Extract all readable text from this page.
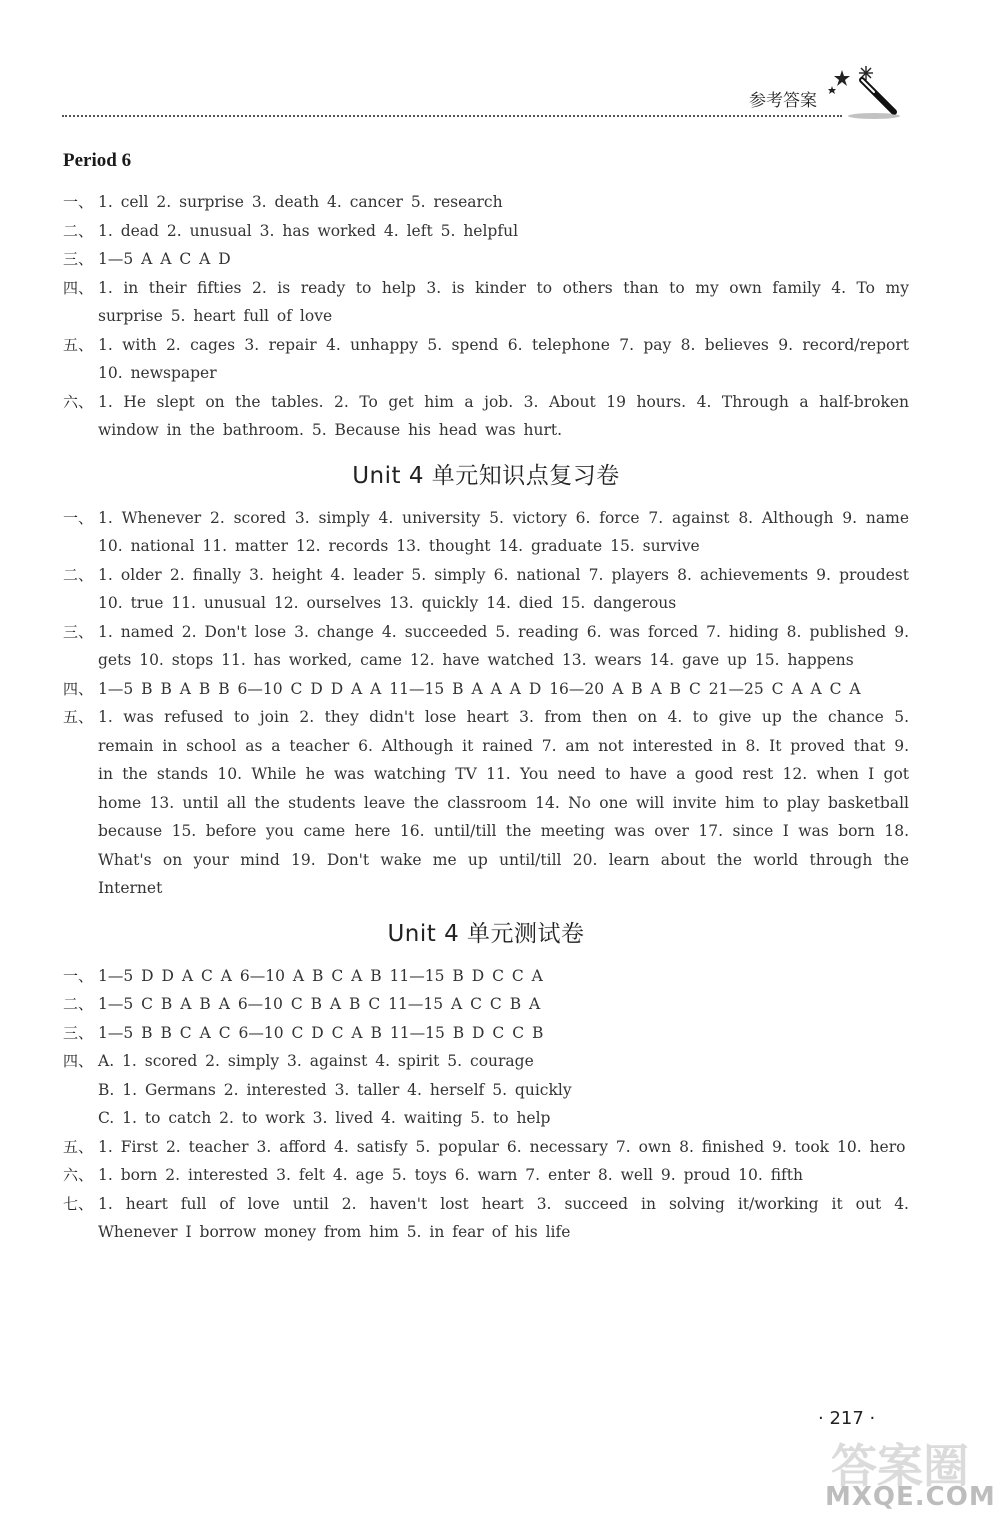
参考答案
Period 6
一、 1. cell 2. surprise 3. death 4. cancer 5. research
二、 1. dead 2. unusual 3. has worked 4. left 5. helpful
三、 1—5 A A C A D
四、 1. in their fifties 2. is ready to help 3. is kinder to others than to my own family 4. To my surprise 5. heart full of love
五、 1. with 2. cages 3. repair 4. unhappy 5. spend 6. telephone 7. pay 8. believes 9. record/report 10. newspaper
六、 1. He slept on the tables. 2. To get him a job. 3. About 19 hours. 4. Through a half-broken window in the bathroom. 5. Because his head was hurt.
Unit 4 单元知识点复习卷
一、 1. Whenever 2. scored 3. simply 4. university 5. victory 6. force 7. against 8. Although 9. name 10. national 11. matter 12. records 13. thought 14. graduate 15. survive
二、 1. older 2. finally 3. height 4. leader 5. simply 6. national 7. players 8. achievements 9. proudest 10. true 11. unusual 12. ourselves 13. quickly 14. died 15. dangerous
三、 1. named 2. Don't lose 3. change 4. succeeded 5. reading 6. was forced 7. hiding 8. published 9. gets 10. stops 11. has worked, came 12. have watched 13. wears 14. gave up 15. happens
四、 1—5 B B A B B 6—10 C D D A A 11—15 B A A A D 16—20 A B A B C 21—25 C A A C A
五、 1. was refused to join 2. they didn't lose heart 3. from then on 4. to give up the chance 5. remain in school as a teacher 6. Although it rained 7. am not interested in 8. It proved that 9. in the stands 10. While he was watching TV 11. You need to have a good rest 12. when I got home 13. until all the students leave the classroom 14. No one will invite him to play basketball because 15. before you came here 16. until/till the meeting was over 17. since I was born 18. What's on your mind 19. Don't wake me up until/till 20. learn about the world through the Internet
Unit 4 单元测试卷
一、 1—5 D D A C A 6—10 A B C A B 11—15 B D C C A
二、 1—5 C B A B A 6—10 C B A B C 11—15 A C C B A
三、 1—5 B B C A C 6—10 C D C A B 11—15 B D C C B
四、 A. 1. scored 2. simply 3. against 4. spirit 5. courage
B. 1. Germans 2. interested 3. taller 4. herself 5. quickly
C. 1. to catch 2. to work 3. lived 4. waiting 5. to help
五、 1. First 2. teacher 3. afford 4. satisfy 5. popular 6. necessary 7. own 8. finished 9. took 10. hero
六、 1. born 2. interested 3. felt 4. age 5. toys 6. warn 7. enter 8. well 9. proud 10. fifth
七、 1. heart full of love until 2. haven't lost heart 3. succeed in solving it/working it out 4. Whenever I borrow money from him 5. in fear of his life
· 217 ·
答案圈
MXQE.COM
